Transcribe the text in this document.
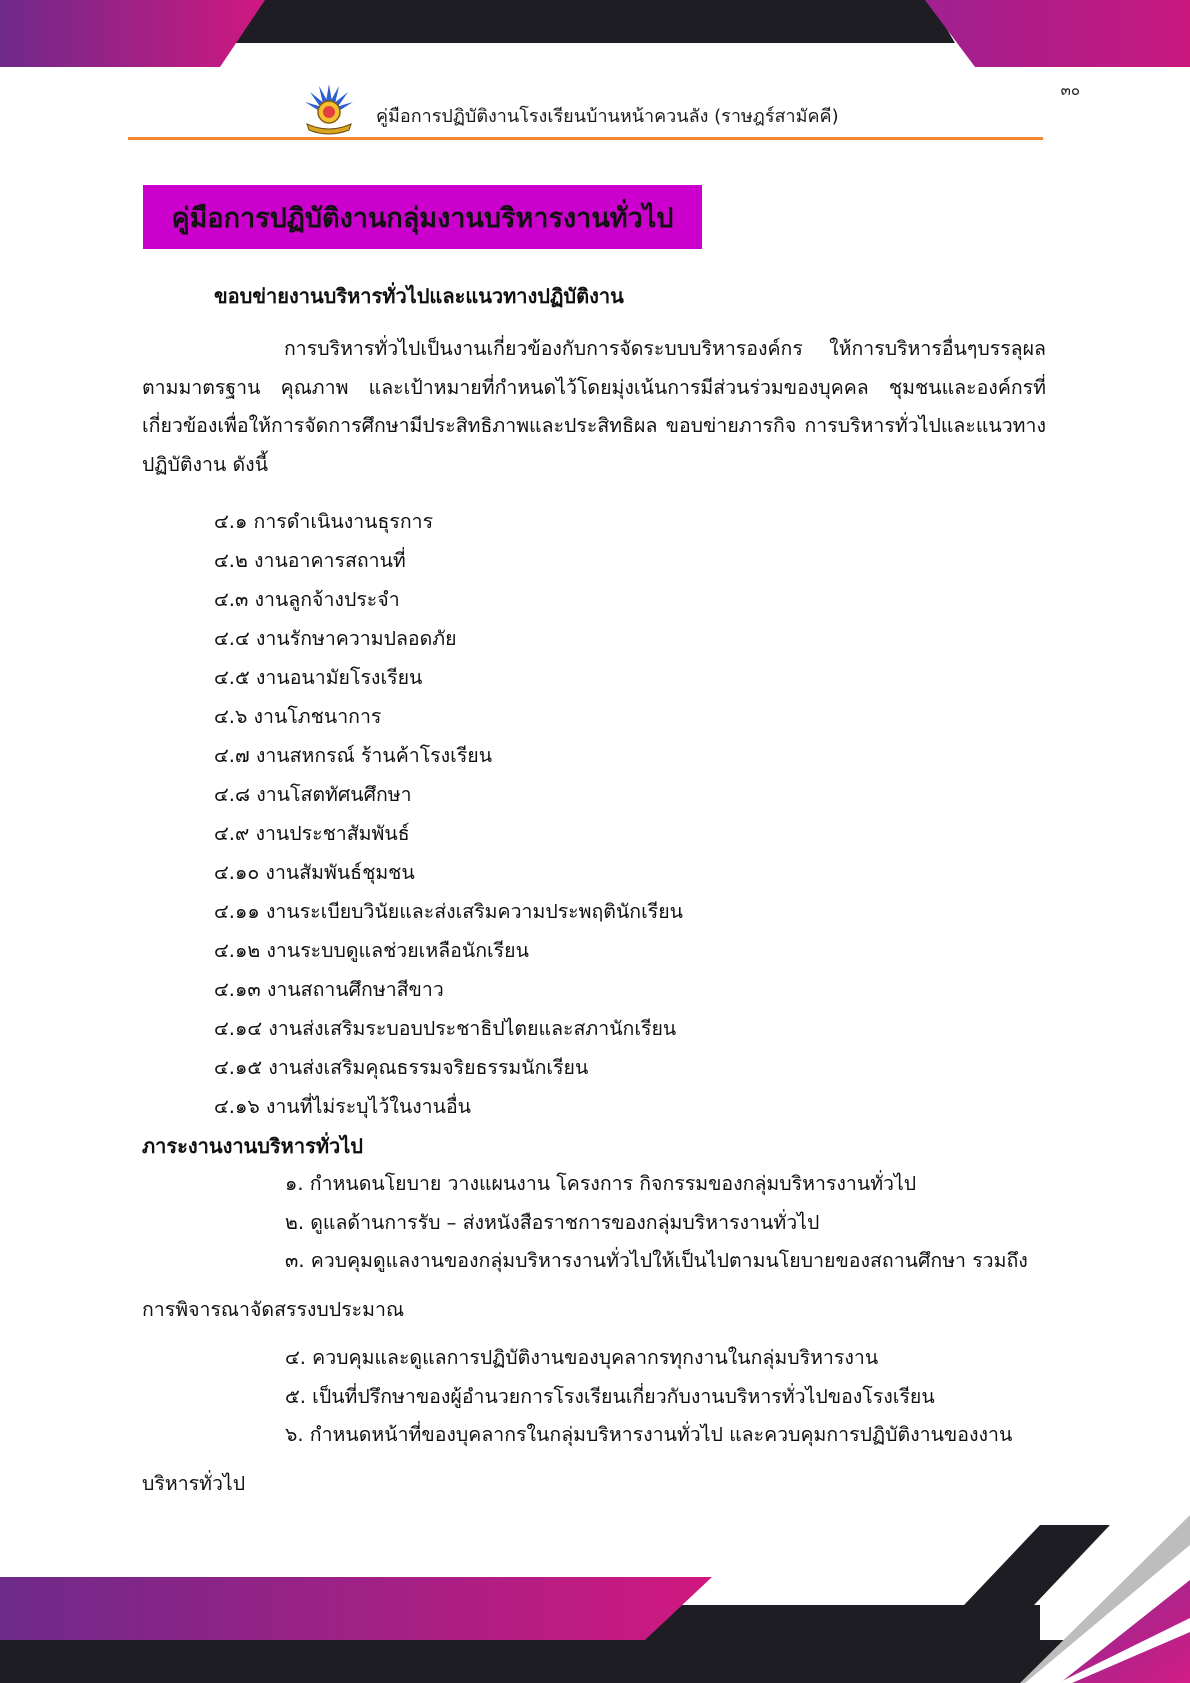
๓๐
คู่มือการปฏิบัติงานโรงเรียนบ้านหน้าควนลัง (ราษฎร์สามัคคี)
คู่มือการปฏิบัติงานกลุ่มงานบริหารงานทั่วไป
ขอบข่ายงานบริหารทั่วไปและแนวทางปฏิบัติงาน

การบริหารทั่วไปเป็นงานเกี่ยวข้องกับการจัดระบบบริหารองค์กร ให้การบริหารอื่นๆบรรลุผลตามมาตรฐาน คุณภาพ และเป้าหมายที่กำหนดไว้โดยมุ่งเน้นการมีส่วนร่วมของบุคคล ชุมชนและองค์กรที่เกี่ยวข้องเพื่อให้การจัดการศึกษามีประสิทธิภาพและประสิทธิผล ขอบข่ายภารกิจ การบริหารทั่วไปและแนวทางปฏิบัติงาน ดังนี้

๔.๑ การดำเนินงานธุรการ
๔.๒ งานอาคารสถานที่
๔.๓ งานลูกจ้างประจำ
๔.๔ งานรักษาความปลอดภัย
๔.๕ งานอนามัยโรงเรียน
๔.๖ งานโภชนาการ
๔.๗ งานสหกรณ์ ร้านค้าโรงเรียน
๔.๘ งานโสตทัศนศึกษา
๔.๙ งานประชาสัมพันธ์
๔.๑๐ งานสัมพันธ์ชุมชน
๔.๑๑ งานระเบียบวินัยและส่งเสริมความประพฤตินักเรียน
๔.๑๒ งานระบบดูแลช่วยเหลือนักเรียน
๔.๑๓ งานสถานศึกษาสีขาว
๔.๑๔ งานส่งเสริมระบอบประชาธิปไตยและสภานักเรียน
๔.๑๕ งานส่งเสริมคุณธรรมจริยธรรมนักเรียน
๔.๑๖ งานที่ไม่ระบุไว้ในงานอื่น
ภาระงานงานบริหารทั่วไป

๑. กำหนดนโยบาย วางแผนงาน โครงการ กิจกรรมของกลุ่มบริหารงานทั่วไป

๒. ดูแลด้านการรับ – ส่งหนังสือราชการของกลุ่มบริหารงานทั่วไป

๓. ควบคุมดูแลงานของกลุ่มบริหารงานทั่วไปให้เป็นไปตามนโยบายของสถานศึกษา รวมถึงการพิจารณาจัดสรรงบประมาณ

๔. ควบคุมและดูแลการปฏิบัติงานของบุคลากรทุกงานในกลุ่มบริหารงาน

๕. เป็นที่ปรึกษาของผู้อำนวยการโรงเรียนเกี่ยวกับงานบริหารทั่วไปของโรงเรียน

๖. กำหนดหน้าที่ของบุคลากรในกลุ่มบริหารงานทั่วไป และควบคุมการปฏิบัติงานของงานบริหารทั่วไป
